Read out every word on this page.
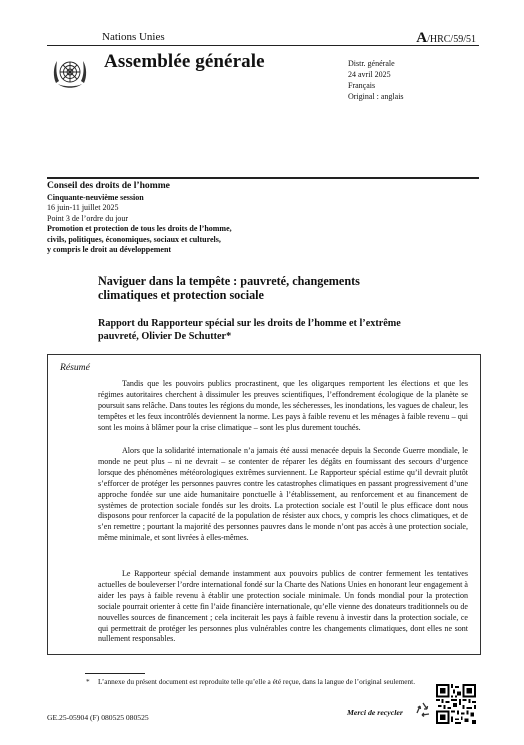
Nations Unies	A/HRC/59/51
Assemblée générale	Distr. générale
24 avril 2025
Français
Original : anglais
Conseil des droits de l’homme
Cinquante-neuvième session
16 juin-11 juillet 2025
Point 3 de l’ordre du jour
Promotion et protection de tous les droits de l’homme,
civils, politiques, économiques, sociaux et culturels,
y compris le droit au développement
Naviguer dans la tempête : pauvreté, changements climatiques et protection sociale
Rapport du Rapporteur spécial sur les droits de l’homme et l’extrême pauvreté, Olivier De Schutter*
Résumé
Tandis que les pouvoirs publics procrastinent, que les oligarques remportent les élections et que les régimes autoritaires cherchent à dissimuler les preuves scientifiques, l’effondrement écologique de la planète se poursuit sans relâche. Dans toutes les régions du monde, les sécheresses, les inondations, les vagues de chaleur, les tempêtes et les feux incontrôlés deviennent la norme. Les pays à faible revenu et les ménages à faible revenu – qui sont les moins à blâmer pour la crise climatique – sont les plus durement touchés.
Alors que la solidarité internationale n’a jamais été aussi menacée depuis la Seconde Guerre mondiale, le monde ne peut plus – ni ne devrait – se contenter de réparer les dégâts en fournissant des secours d’urgence lorsque des phénomènes météorologiques extrêmes surviennent. Le Rapporteur spécial estime qu’il devrait plutôt s’efforcer de protéger les personnes pauvres contre les catastrophes climatiques en passant progressivement d’une approche fondée sur une aide humanitaire ponctuelle à l’établissement, au renforcement et au financement de systèmes de protection sociale fondés sur les droits. La protection sociale est l’outil le plus efficace dont nous disposons pour renforcer la capacité de la population de résister aux chocs, y compris les chocs climatiques, et de s’en remettre ; pourtant la majorité des personnes pauvres dans le monde n’ont pas accès à une protection sociale, même minimale, et sont livrées à elles-mêmes.
Le Rapporteur spécial demande instamment aux pouvoirs publics de contrer fermement les tentatives actuelles de bouleverser l’ordre international fondé sur la Charte des Nations Unies en honorant leur engagement à aider les pays à faible revenu à établir une protection sociale minimale. Un fonds mondial pour la protection sociale pourrait orienter à cette fin l’aide financière internationale, qu’elle vienne des donateurs traditionnels ou de nouvelles sources de financement ; cela inciterait les pays à faible revenu à investir dans la protection sociale, ce qui permettrait de protéger les personnes plus vulnérables contre les changements climatiques, dont elles ne sont nullement responsables.
* L’annexe du présent document est reproduite telle qu’elle a été reçue, dans la langue de l’original seulement.
GE.25-05904 (F) 080525 080525
Merci de recycler
